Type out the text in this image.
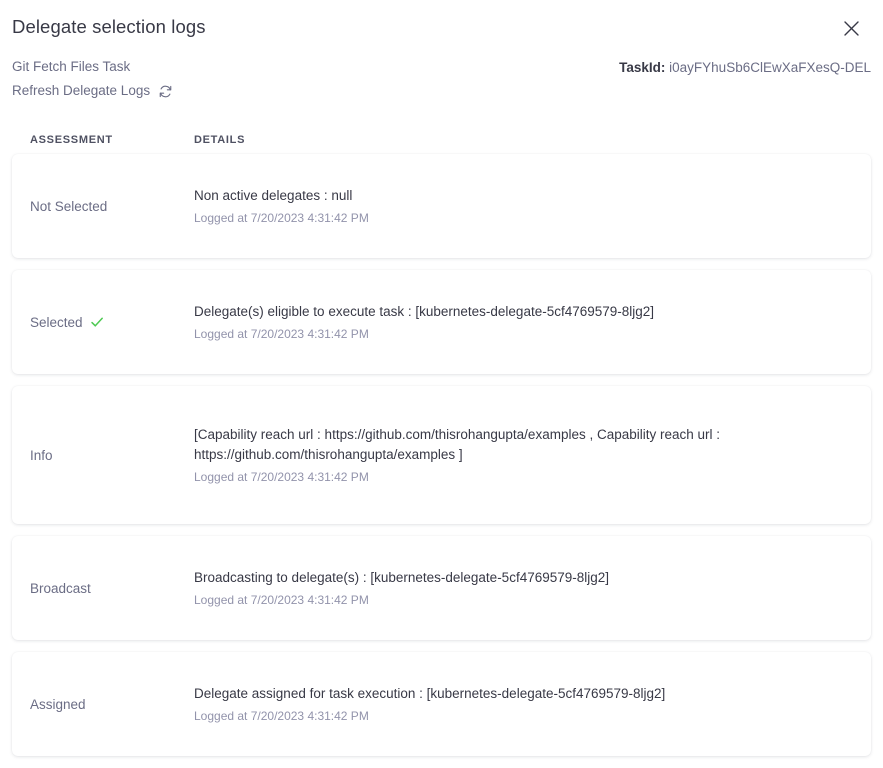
Delegate selection logs
Git Fetch Files Task
Refresh Delegate Logs
TaskId: i0ayFYhuSb6ClEwXaFXesQ-DEL
ASSESSMENT	DETAILS
Not Selected
Non active delegates : null
Logged at 7/20/2023 4:31:42 PM
Selected
Delegate(s) eligible to execute task : [kubernetes-delegate-5cf4769579-8ljg2]
Logged at 7/20/2023 4:31:42 PM
Info
[Capability reach url : https://github.com/thisrohangupta/examples , Capability reach url : https://github.com/thisrohangupta/examples ]
Logged at 7/20/2023 4:31:42 PM
Broadcast
Broadcasting to delegate(s) : [kubernetes-delegate-5cf4769579-8ljg2]
Logged at 7/20/2023 4:31:42 PM
Assigned
Delegate assigned for task execution : [kubernetes-delegate-5cf4769579-8ljg2]
Logged at 7/20/2023 4:31:42 PM
